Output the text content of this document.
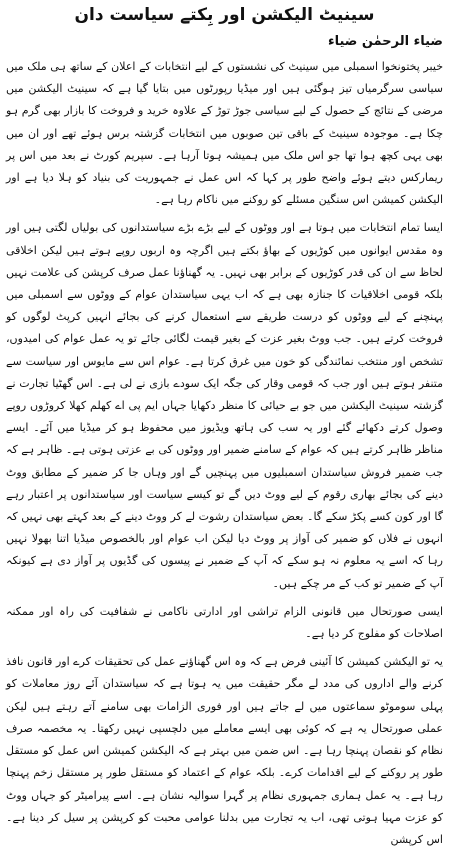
سینیٹ الیکشن اور بِکتے سیاست دان
ضیاء الرحمٰن ضیاء

خیبر پختونخوا اسمبلی میں سینیٹ کی نشستوں کے لیے انتخابات کے اعلان کے ساتھ ہی ملک میں سیاسی سرگرمیاں تیز ہوگئی ہیں اور میڈیا رپورٹوں میں بتایا گیا ہے کہ سینیٹ الیکشن میں مرضی کے نتائج کے حصول کے لیے سیاسی جوڑ توڑ کے علاوہ خرید و فروخت کا بازار بھی گرم ہو چکا ہے۔ موجودہ سینیٹ کے باقی تین صوبوں میں انتخابات گزشتہ برس ہوئے تھے اور ان میں بھی یہی کچھ ہوا تھا جو اس ملک میں ہمیشہ ہوتا آرہا ہے۔ سپریم کورٹ نے بعد میں اس پر ریمارکس دیتے ہوئے واضح طور پر کہا کہ اس عمل نے جمہوریت کی بنیاد کو ہلا دیا ہے اور الیکشن کمیشن اس سنگین مسئلے کو روکنے میں ناکام رہا ہے۔

ایسا تمام انتخابات میں ہوتا ہے اور ووٹوں کے لیے بڑے بڑے سیاستدانوں کی بولیاں لگتی ہیں اور وہ مقدس ایوانوں میں کوڑیوں کے بھاؤ بکتے ہیں اگرچہ وہ اربوں روپے ہوتے ہیں لیکن اخلاقی لحاظ سے ان کی قدر کوڑیوں کے برابر بھی نہیں۔ یہ گھناؤنا عمل صرف کرپشن کی علامت نہیں بلکہ قومی اخلاقیات کا جنازہ بھی ہے کہ اب یہی سیاستدان عوام کے ووٹوں سے اسمبلی میں پہنچنے کے لیے ووٹوں کو درست طریقے سے استعمال کرنے کی بجائے انہیں کرپٹ لوگوں کو فروخت کرتے ہیں۔ جب ووٹ بغیر عزت کے بغیر قیمت لگائی جائے تو یہ عمل عوام کی امیدوں، تشخص اور منتخب نمائندگی کو خون میں غرق کرتا ہے۔ عوام اس سے مایوس اور سیاست سے متنفر ہوتے ہیں اور جب کہ قومی وقار کی جگہ ایک سودے بازی نے لی ہے۔ اس گھٹیا تجارت نے گزشتہ سینیٹ الیکشن میں جو بے حیائی کا منظر دکھایا جہاں ایم پی اے کھلم کھلا کروڑوں روپے وصول کرتے دکھائے گئے اور یہ سب کی ہاتھ ویڈیوز میں محفوظ ہو کر میڈیا میں آئے۔ ایسے مناظر ظاہر کرتے ہیں کہ عوام کے سامنے ضمیر اور ووٹوں کی بے عزتی ہوتی ہے۔ ظاہر ہے کہ جب ضمیر فروش سیاستدان اسمبلیوں میں پہنچیں گے اور وہاں جا کر ضمیر کے مطابق ووٹ دینے کی بجائے بھاری رقوم کے لیے ووٹ دیں گے تو کیسے سیاست اور سیاستدانوں پر اعتبار رہے گا اور کون کسے پکڑ سکے گا۔ بعض سیاستدان رشوت لے کر ووٹ دینے کے بعد کہتے بھی نہیں کہ انہوں نے فلاں کو ضمیر کی آواز پر ووٹ دیا لیکن اب عوام اور بالخصوص میڈیا اتنا بھولا نہیں رہا کہ اسے یہ معلوم نہ ہو سکے کہ آپ کے ضمیر نے پیسوں کی گڈیوں پر آواز دی ہے کیونکہ آپ کے ضمیر تو کب کے مر چکے ہیں۔

ایسی صورتحال میں قانونی الزام تراشی اور ادارتی ناکامی نے شفافیت کی راہ اور ممکنہ اصلاحات کو مفلوج کر دیا ہے۔

یہ تو الیکشن کمیشن کا آئینی فرض ہے کہ وہ اس گھناؤنے عمل کی تحقیقات کرے اور قانون نافذ کرنے والے اداروں کی مدد لے مگر حقیقت میں یہ ہوتا ہے کہ سیاستدان آئے روز معاملات کو پہلی سوموٹو سماعتوں میں لے جاتے ہیں اور فوری الزامات بھی سامنے آتے رہتے ہیں لیکن عملی صورتحال یہ ہے کہ کوئی بھی ایسے معاملے میں دلچسپی نہیں رکھتا۔ یہ مخصمہ صرف نظام کو نقصان پہنچا رہا ہے۔ اس ضمن میں بہتر ہے کہ الیکشن کمیشن اس عمل کو مستقل طور پر روکنے کے لیے اقدامات کرے۔ بلکہ عوام کے اعتماد کو مستقل طور پر مستقل زخم پہنچا رہا ہے۔ یہ عمل ہماری جمہوری نظام پر گہرا سوالیہ نشان ہے۔ اسے پیرامیٹر کو جہاں ووٹ کو عزت مہیا ہوتی تھی، اب یہ تجارت میں بدلنا عوامی محبت کو کرپشن پر سیل کر دینا ہے۔ اس کرپشن
